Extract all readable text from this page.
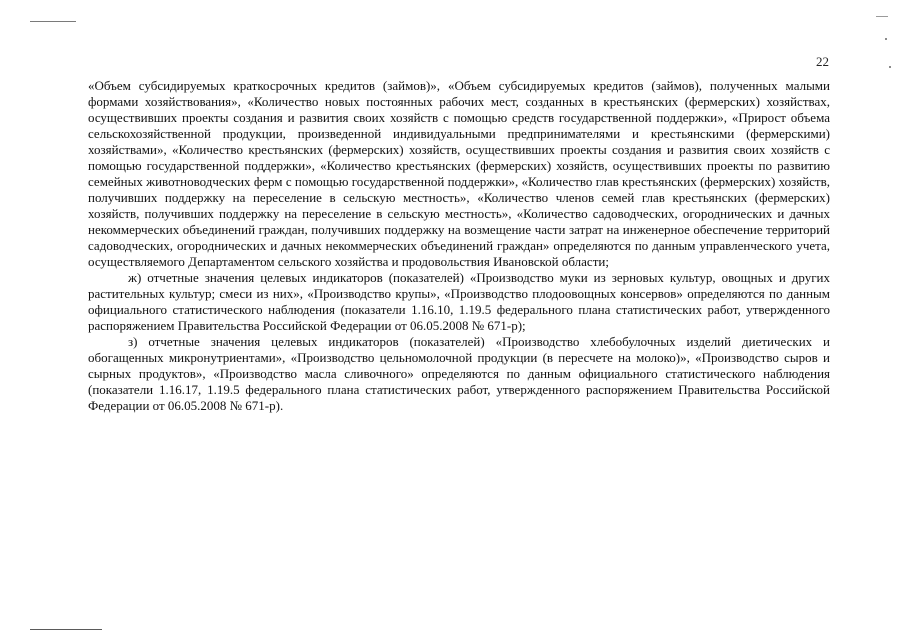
22

«Объем субсидируемых краткосрочных кредитов (займов)», «Объем субсидируемых кредитов (займов), полученных малыми формами хозяйствования», «Количество новых постоянных рабочих мест, созданных в крестьянских (фермерских) хозяйствах, осуществивших проекты создания и развития своих хозяйств с помощью средств государственной поддержки», «Прирост объема сельскохозяйственной продукции, произведенной индивидуальными предпринимателями и крестьянскими (фермерскими) хозяйствами», «Количество крестьянских (фермерских) хозяйств, осуществивших проекты создания и развития своих хозяйств с помощью государственной поддержки», «Количество крестьянских (фермерских) хозяйств, осуществивших проекты по развитию семейных животноводческих ферм с помощью государственной поддержки», «Количество глав крестьянских (фермерских) хозяйств, получивших поддержку на переселение в сельскую местность», «Количество членов семей глав крестьянских (фермерских) хозяйств, получивших поддержку на переселение в сельскую местность», «Количество садоводческих, огороднических и дачных некоммерческих объединений граждан, получивших поддержку на возмещение части затрат на инженерное обеспечение территорий садоводческих, огороднических и дачных некоммерческих объединений граждан» определяются по данным управленческого учета, осуществляемого Департаментом сельского хозяйства и продовольствия Ивановской области;

ж) отчетные значения целевых индикаторов (показателей) «Производство муки из зерновых культур, овощных и других растительных культур; смеси из них», «Производство крупы», «Производство плодоовощных консервов» определяются по данным официального статистического наблюдения (показатели 1.16.10, 1.19.5 федерального плана статистических работ, утвержденного распоряжением Правительства Российской Федерации от 06.05.2008 № 671-р);

з) отчетные значения целевых индикаторов (показателей) «Производство хлебобулочных изделий диетических и обогащенных микронутриентами», «Производство цельномолочной продукции (в пересчете на молоко)», «Производство сыров и сырных продуктов», «Производство масла сливочного» определяются по данным официального статистического наблюдения (показатели 1.16.17, 1.19.5 федерального плана статистических работ, утвержденного распоряжением Правительства Российской Федерации от 06.05.2008 № 671-р).
